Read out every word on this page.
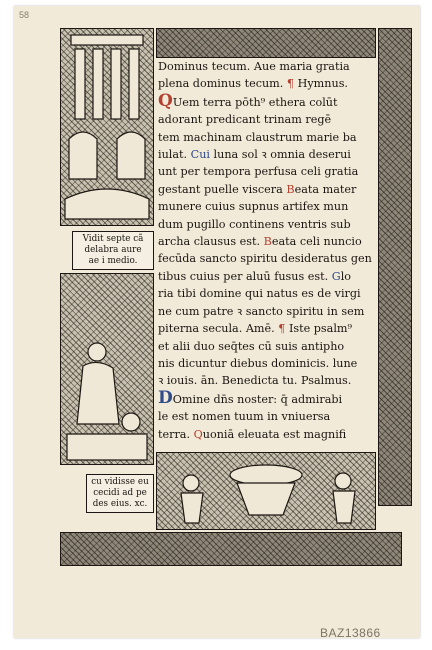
58
Vidit septe cã
delabra aure
ae i medio.
cu vidisse eu
cecidi ad pe
des eius. xc.
Dominus tecum. Aue maria gratia
plena dominus tecum. ¶ Hymnus.
QUem terra pōth⁹ ethera colūt
adorant predicant trinam regē
tem machinam claustrum marie ba
iulat. Cui luna sol ꝛ omnia deserui
unt per tempora perfusa celi gratia
gestant puelle viscera Beata mater
munere cuius supnus artifex mun
dum pugillo continens ventris sub
archa clausus est. Beata celi nuncio
fecūda sancto spiritu desideratus gen
tibus cuius per aluū fusus est. Glo
ria tibi domine qui natus es de virgi
ne cum patre ꝛ sancto spiritu in sem
piterna secula. Amē. ¶ Iste psalm⁹
et alii duo seq̄tes cū suis antipho
nis dicuntur diebus dominicis. lune
ꝛ iouis. ān. Benedicta tu. Psalmus.
DOmine dn̄s noster: q̄ admirabi
le est nomen tuum in vniuersa
terra. Quoniā eleuata est magnifi
BAZ13866
